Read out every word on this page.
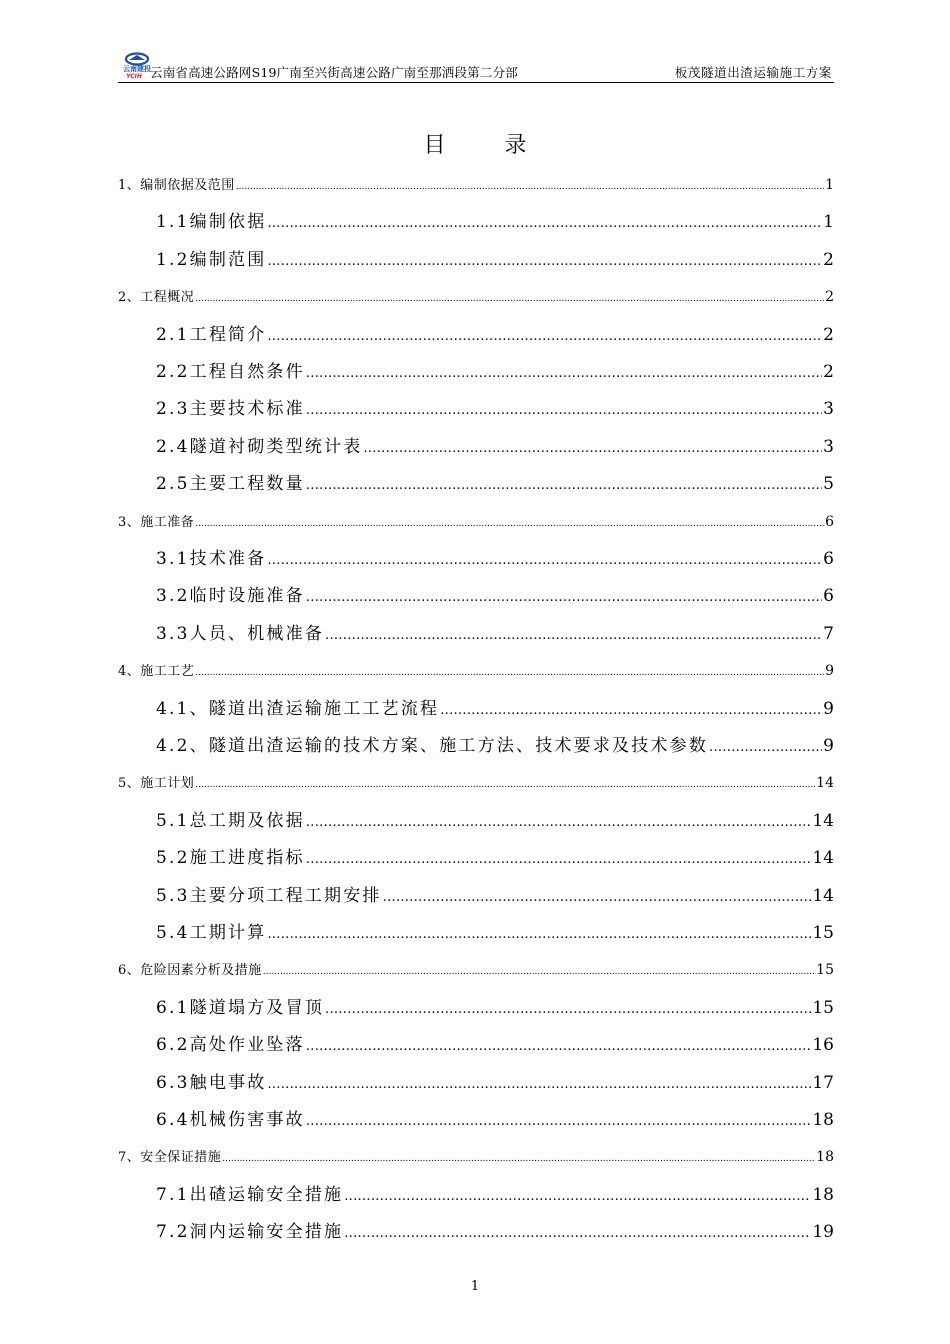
云南建投
YCIH 云南省高速公路网S19广南至兴街高速公路广南至那洒段第二分部	板茂隧道出渣运输施工方案
目 录
1、编制依据及范围 .....	1
1.1编制依据 .....	1
1.2编制范围 .....	2
2、工程概况 .....	2
2.1工程简介 .....	2
2.2工程自然条件 .....	2
2.3主要技术标准 .....	3
2.4隧道衬砌类型统计表 .....	3
2.5主要工程数量 .....	5
3、施工准备 .....	6
3.1技术准备 .....	6
3.2临时设施准备 .....	6
3.3人员、机械准备 .....	7
4、施工工艺 .....	9
4.1、隧道出渣运输施工工艺流程 .....	9
4.2、隧道出渣运输的技术方案、施工方法、技术要求及技术参数 .....	9
5、施工计划 .....	14
5.1总工期及依据 .....	14
5.2施工进度指标 .....	14
5.3主要分项工程工期安排 .....	14
5.4工期计算 .....	15
6、危险因素分析及措施 .....	15
6.1隧道塌方及冒顶 .....	15
6.2高处作业坠落 .....	16
6.3触电事故 .....	17
6.4机械伤害事故 .....	18
7、安全保证措施 .....	18
7.1出碴运输安全措施 .....	18
7.2洞内运输安全措施 .....	19
1
